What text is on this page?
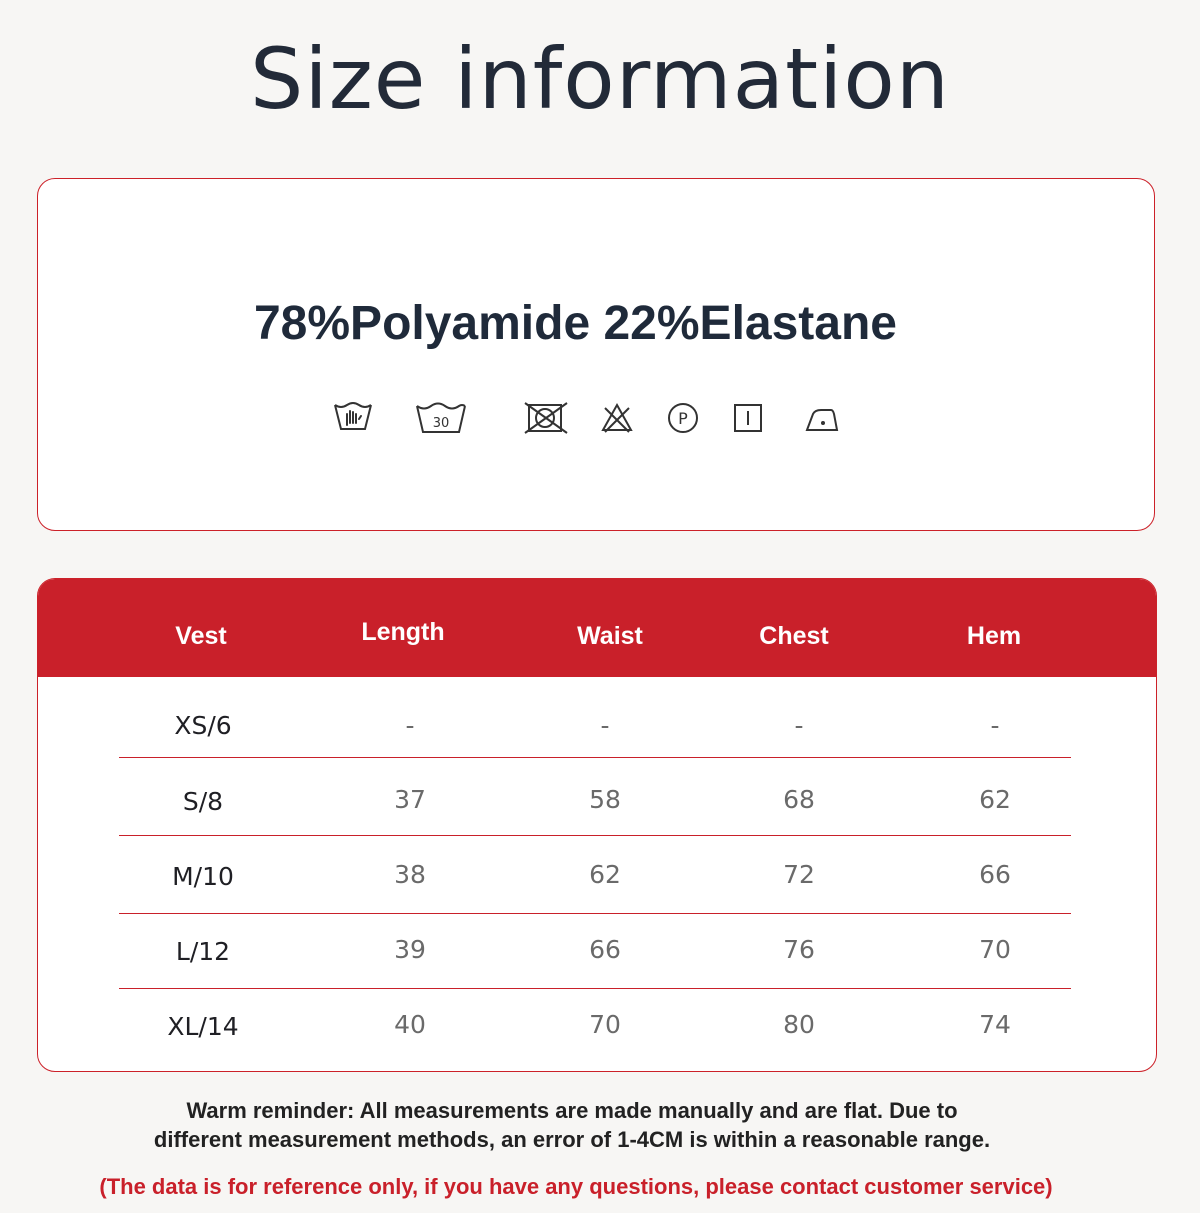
Size information
78%Polyamide 22%Elastane
30	P
Vest	Length	Waist	Chest	Hem
XS/6	-	-	-	-
S/8	37	58	68	62
M/10	38	62	72	66
L/12	39	66	76	70
XL/14	40	70	80	74
Warm reminder: All measurements are made manually and are flat. Due to
different measurement methods, an error of 1-4CM is within a reasonable range.
(The data is for reference only, if you have any questions, please contact customer service)
